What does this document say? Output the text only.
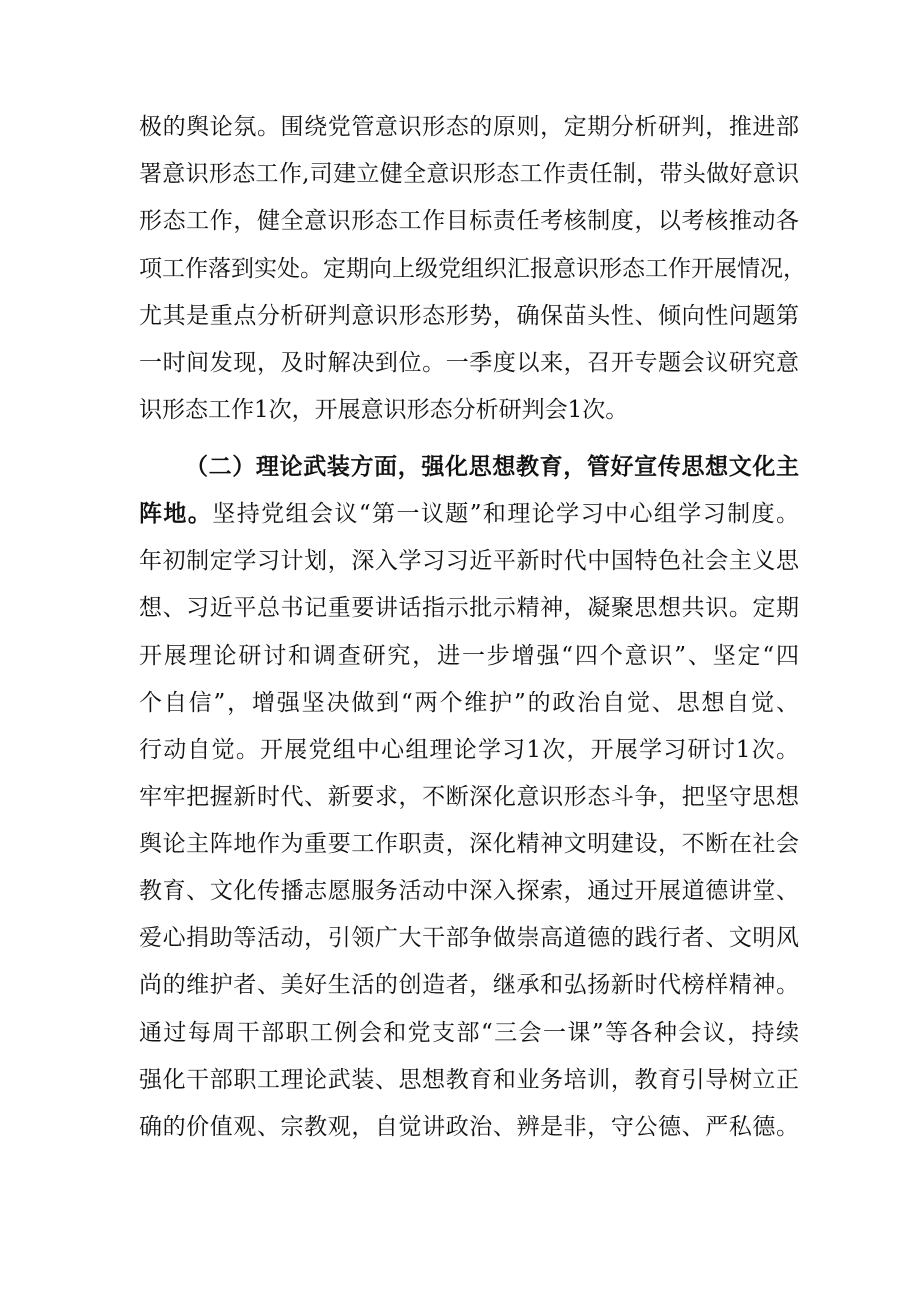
极的舆论氛。围绕党管意识形态的原则，定期分析研判，推进部
署意识形态工作,司建立健全意识形态工作责任制，带头做好意识
形态工作，健全意识形态工作目标责任考核制度，以考核推动各
项工作落到实处。定期向上级党组织汇报意识形态工作开展情况，
尤其是重点分析研判意识形态形势，确保苗头性、倾向性问题第
一时间发现，及时解决到位。一季度以来，召开专题会议研究意
识形态工作1次，开展意识形态分析研判会1次。
（二）理论武装方面，强化思想教育，管好宣传思想文化主
阵地。坚持党组会议“第一议题”和理论学习中心组学习制度。
年初制定学习计划，深入学习习近平新时代中国特色社会主义思
想、习近平总书记重要讲话指示批示精神，凝聚思想共识。定期
开展理论研讨和调查研究，进一步增强“四个意识”、坚定“四
个自信”，增强坚决做到“两个维护”的政治自觉、思想自觉、
行动自觉。开展党组中心组理论学习1次，开展学习研讨1次。
牢牢把握新时代、新要求，不断深化意识形态斗争，把坚守思想
舆论主阵地作为重要工作职责，深化精神文明建设，不断在社会
教育、文化传播志愿服务活动中深入探索，通过开展道德讲堂、
爱心捐助等活动，引领广大干部争做崇高道德的践行者、文明风
尚的维护者、美好生活的创造者，继承和弘扬新时代榜样精神。
通过每周干部职工例会和党支部“三会一课”等各种会议，持续
强化干部职工理论武装、思想教育和业务培训，教育引导树立正
确的价值观、宗教观，自觉讲政治、辨是非，守公德、严私德。
